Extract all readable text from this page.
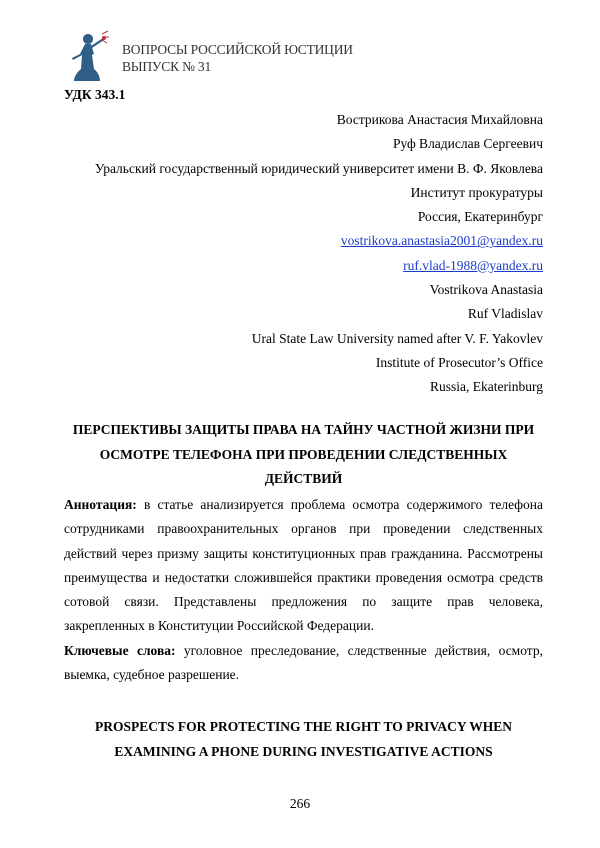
ВОПРОСЫ РОССИЙСКОЙ ЮСТИЦИИ
ВЫПУСК № 31
УДК 343.1
Вострикова Анастасия Михайловна
Руф Владислав Сергеевич
Уральский государственный юридический университет имени В. Ф. Яковлева
Институт прокуратуры
Россия, Екатеринбург
vostrikova.anastasia2001@yandex.ru
ruf.vlad-1988@yandex.ru
Vostrikova Anastasia
Ruf Vladislav
Ural State Law University named after V. F. Yakovlev
Institute of Prosecutor’s Office
Russia, Ekaterinburg
ПЕРСПЕКТИВЫ ЗАЩИТЫ ПРАВА НА ТАЙНУ ЧАСТНОЙ ЖИЗНИ ПРИ ОСМОТРЕ ТЕЛЕФОНА ПРИ ПРОВЕДЕНИИ СЛЕДСТВЕННЫХ ДЕЙСТВИЙ

Аннотация: в статье анализируется проблема осмотра содержимого телефона сотрудниками правоохранительных органов при проведении следственных действий через призму защиты конституционных прав гражданина. Рассмотрены преимущества и недостатки сложившейся практики проведения осмотра средств сотовой связи. Представлены предложения по защите прав человека, закрепленных в Конституции Российской Федерации.

Ключевые слова: уголовное преследование, следственные действия, осмотр, выемка, судебное разрешение.

PROSPECTS FOR PROTECTING THE RIGHT TO PRIVACY WHEN EXAMINING A PHONE DURING INVESTIGATIVE ACTIONS
266
